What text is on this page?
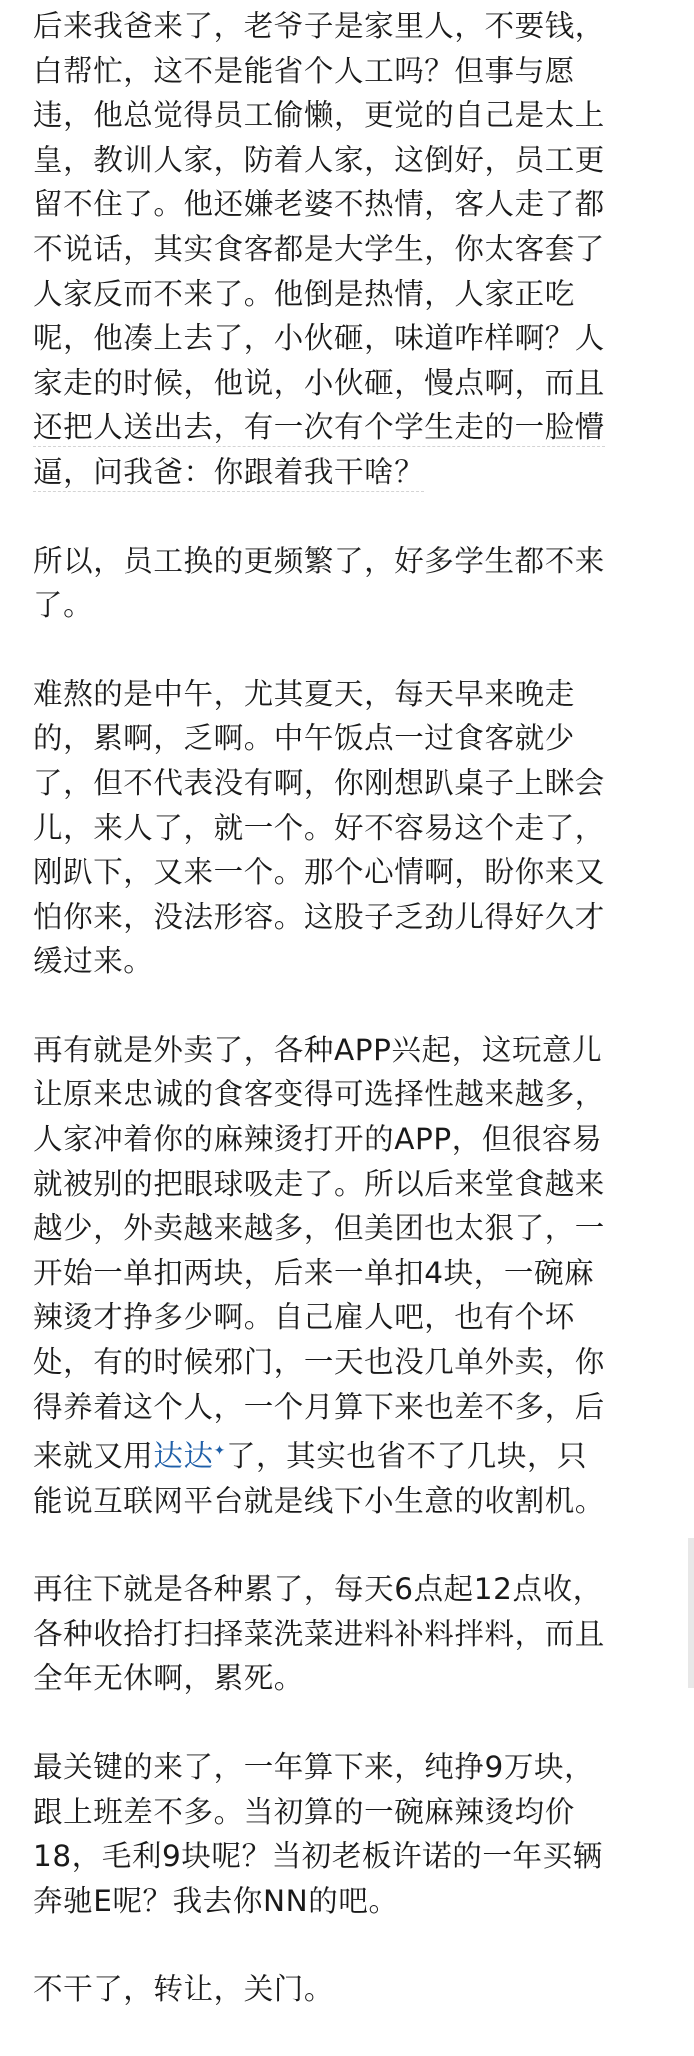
后来我爸来了，老爷子是家里人，不要钱，
白帮忙，这不是能省个人工吗？但事与愿
违，他总觉得员工偷懒，更觉的自己是太上
皇，教训人家，防着人家，这倒好，员工更
留不住了。他还嫌老婆不热情，客人走了都
不说话，其实食客都是大学生，你太客套了
人家反而不来了。他倒是热情，人家正吃
呢，他凑上去了，小伙砸，味道咋样啊？人
家走的时候，他说，小伙砸，慢点啊，而且
还把人送出去，有一次有个学生走的一脸懵
逼，问我爸：你跟着我干啥？
所以，员工换的更频繁了，好多学生都不来
了。
难熬的是中午，尤其夏天，每天早来晚走
的，累啊，乏啊。中午饭点一过食客就少
了，但不代表没有啊，你刚想趴桌子上眯会
儿，来人了，就一个。好不容易这个走了，
刚趴下，又来一个。那个心情啊，盼你来又
怕你来，没法形容。这股子乏劲儿得好久才
缓过来。
再有就是外卖了，各种APP兴起，这玩意儿
让原来忠诚的食客变得可选择性越来越多，
人家冲着你的麻辣烫打开的APP，但很容易
就被别的把眼球吸走了。所以后来堂食越来
越少，外卖越来越多，但美团也太狠了，一
开始一单扣两块，后来一单扣4块，一碗麻
辣烫才挣多少啊。自己雇人吧，也有个坏
处，有的时候邪门，一天也没几单外卖，你
得养着这个人，一个月算下来也差不多，后
来就又用达达✦了，其实也省不了几块，只
能说互联网平台就是线下小生意的收割机。
再往下就是各种累了，每天6点起12点收，
各种收拾打扫择菜洗菜进料补料拌料，而且
全年无休啊，累死。
最关键的来了，一年算下来，纯挣9万块，
跟上班差不多。当初算的一碗麻辣烫均价
18，毛利9块呢？当初老板许诺的一年买辆
奔驰E呢？我去你NN的吧。
不干了，转让，关门。
